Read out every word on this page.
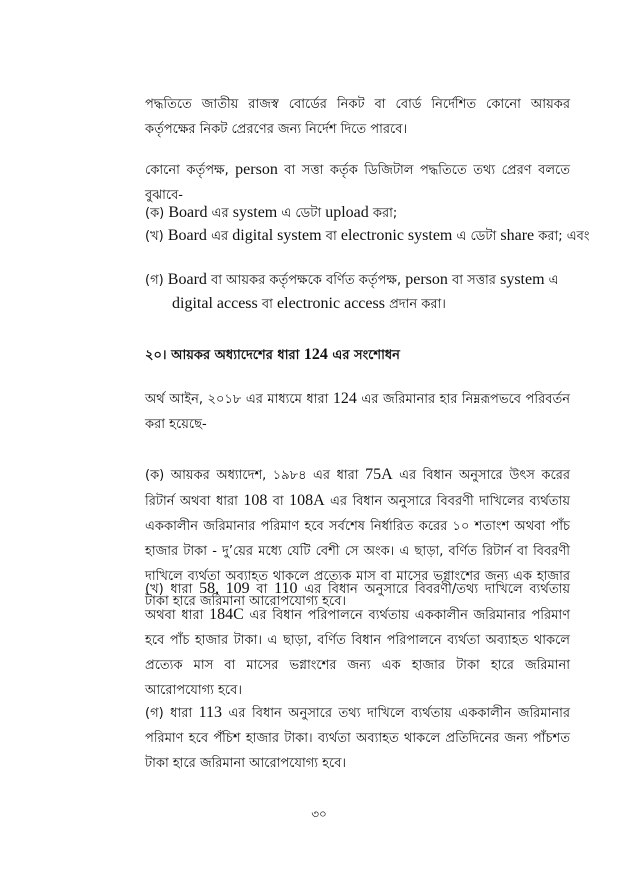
পদ্ধতিতে জাতীয় রাজস্ব বোর্ডের নিকট বা বোর্ড নির্দেশিত কোনো আয়কর কর্তৃপক্ষের নিকট প্রেরণের জন্য নির্দেশ দিতে পারবে।

কোনো কর্তৃপক্ষ, person বা সত্তা কর্তৃক ডিজিটাল পদ্ধতিতে তথ্য প্রেরণ বলতে বুঝাবে-

(ক) Board এর system এ ডেটা upload করা;

(খ) Board এর digital system বা electronic system এ ডেটা share করা; এবং

(গ) Board বা আয়কর কর্তৃপক্ষকে বর্ণিত কর্তৃপক্ষ, person বা সত্তার system এ digital access বা electronic access প্রদান করা।

২০। আয়কর অধ্যাদেশের ধারা 124 এর সংশোধন

অর্থ আইন, ২০১৮ এর মাধ্যমে ধারা 124 এর জরিমানার হার নিম্নরূপভবে পরিবর্তন করা হয়েছে-

(ক) আয়কর অধ্যাদেশ, ১৯৮৪ এর ধারা 75A এর বিধান অনুসারে উৎস করের রিটার্ন অথবা ধারা 108 বা 108A এর বিধান অনুসারে বিবরণী দাখিলের ব্যর্থতায় এককালীন জরিমানার পরিমাণ হবে সর্বশেষ নির্ধারিত করের ১০ শতাংশ অথবা পাঁচ হাজার টাকা - দু’য়ের মধ্যে যেটি বেশী সে অংক। এ ছাড়া, বর্ণিত রিটার্ন বা বিবরণী দাখিলে ব্যর্থতা অব্যাহত থাকলে প্রত্যেক মাস বা মাসের ভগ্নাংশের জন্য এক হাজার টাকা হারে জরিমানা আরোপযোগ্য হবে।

(খ) ধারা 58, 109 বা 110 এর বিধান অনুসারে বিবরণী/তথ্য দাখিলে ব্যর্থতায় অথবা ধারা 184C এর বিধান পরিপালনে ব্যর্থতায় এককালীন জরিমানার পরিমাণ হবে পাঁচ হাজার টাকা। এ ছাড়া, বর্ণিত বিধান পরিপালনে ব্যর্থতা অব্যাহত থাকলে প্রত্যেক মাস বা মাসের ভগ্নাংশের জন্য এক হাজার টাকা হারে জরিমানা আরোপযোগ্য হবে।

(গ) ধারা 113 এর বিধান অনুসারে তথ্য দাখিলে ব্যর্থতায় এককালীন জরিমানার পরিমাণ হবে পঁচিশ হাজার টাকা। ব্যর্থতা অব্যাহত থাকলে প্রতিদিনের জন্য পাঁচশত টাকা হারে জরিমানা আরোপযোগ্য হবে।

৩০
